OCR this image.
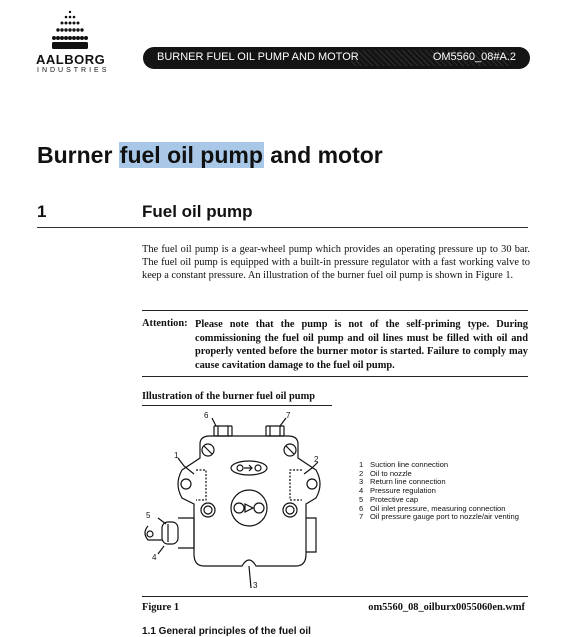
AALBORG
INDUSTRIES
BURNER FUEL OIL PUMP AND MOTOR	OM5560_08#A.2
Burner fuel oil pump and motor
1	Fuel oil pump
The fuel oil pump is a gear-wheel pump which provides an operating pressure up to 30 bar. The fuel oil pump is equipped with a built-in pressure regulator with a fast working valve to keep a constant pressure. An illustration of the burner fuel oil pump is shown in Figure 1.
Attention: Please note that the pump is not of the self-priming type. During commissioning the fuel oil pump and oil lines must be filled with oil and properly vented before the burner motor is started. Failure to comply may cause cavitation damage to the fuel oil pump.
Illustration of the burner fuel oil pump
1	2
3
4
5
6	7
1 Suction line connection
2 Oil to nozzle
3 Return line connection
4 Pressure regulation
5 Protective cap
6 Oil inlet pressure, measuring connection
7 Oil pressure gauge port to nozzle/air venting
Figure 1	om5560_08_oilburx0055060en.wmf
1.1 General principles of the fuel oil
